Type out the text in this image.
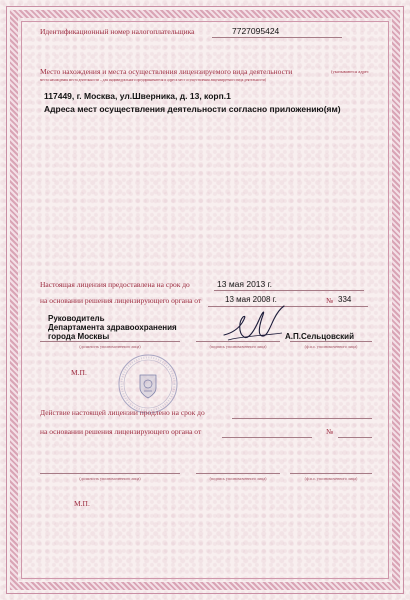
Идентификационный номер налогоплательщика	7727095424
Место нахождения и места осуществления лицензируемого вида деятельности	(указываются адрес
места нахождения места деятельности – для индивидуального предпринимателя и адреса мест осуществления лицензируемого вида деятельности)
117449, г. Москва, ул.Шверника, д. 13, корп.1
Адреса мест осуществления деятельности согласно приложению(ям)
Настоящая лицензия предоставлена на срок до	13 мая 2013 г.
на основании решения лицензирующего органа от	13 мая 2008 г.	№ 334
Руководитель
Департамента здравоохранения
города Москвы	А.П.Сельцовский
(должность уполномоченного лица)	(подпись уполномоченного лица)	(ф.и.о. уполномоченного лица)
М.П.
Действие настоящей лицензии продлено на срок до
на основании решения лицензирующего органа от	№
(должность уполномоченного лица)	(подпись уполномоченного лица)	(ф.и.о. уполномоченного лица)
М.П.
